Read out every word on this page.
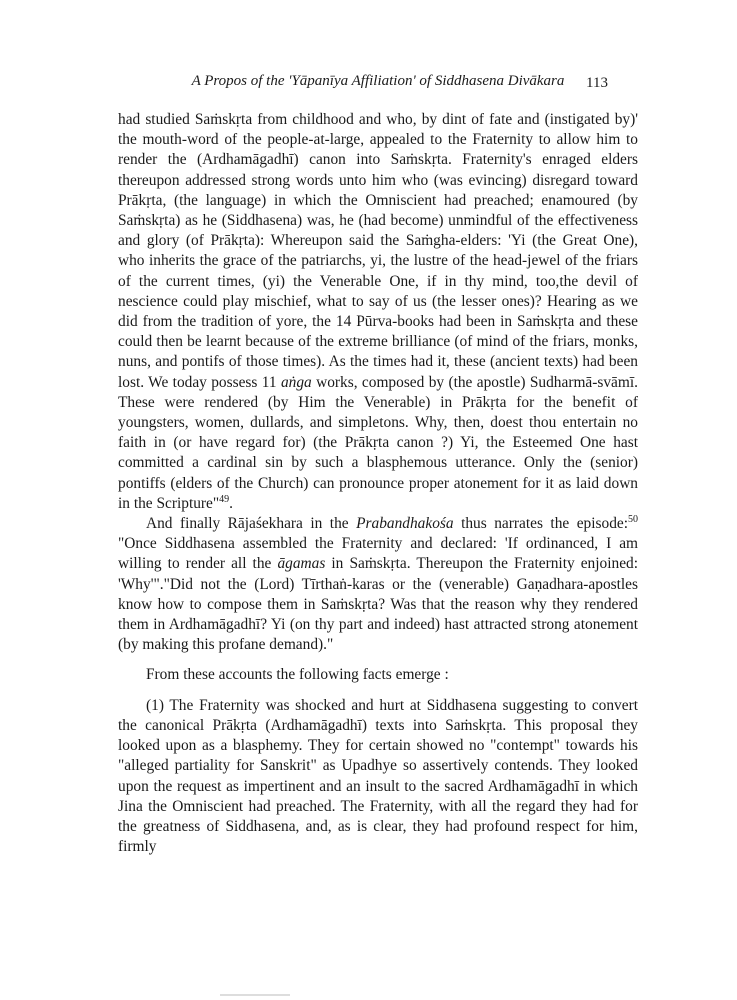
A Propos of the 'Yāpanīya Affiliation' of Siddhasena Divākara	113

had studied Saṁskṛta from childhood and who, by dint of fate and (instigated by)' the mouth-word of the people-at-large, appealed to the Fraternity to allow him to render the (Ardhamāgadhī) canon into Saṁskṛta. Fraternity's enraged elders thereupon addressed strong words unto him who (was evincing) disregard toward Prākṛta, (the language) in which the Omniscient had preached; enamoured (by Saṁskṛta) as he (Siddhasena) was, he (had become) unmindful of the effectiveness and glory (of Prākṛta): Whereupon said the Saṁgha-elders: 'Yi (the Great One), who inherits the grace of the patriarchs, yi, the lustre of the head-jewel of the friars of the current times, (yi) the Venerable One, if in thy mind, too,the devil of nescience could play mischief, what to say of us (the lesser ones)? Hearing as we did from the tradition of yore, the 14 Pūrva-books had been in Saṁskṛta and these could then be learnt because of the extreme brilliance (of mind of the friars, monks, nuns, and pontifs of those times). As the times had it, these (ancient texts) had been lost. We today possess 11 aṅga works, composed by (the apostle) Sudharmā-svāmī. These were rendered (by Him the Venerable) in Prākṛta for the benefit of youngsters, women, dullards, and simpletons. Why, then, doest thou entertain no faith in (or have regard for) (the Prākṛta canon ?) Yi, the Esteemed One hast committed a cardinal sin by such a blasphemous utterance. Only the (senior) pontiffs (elders of the Church) can pronounce proper atonement for it as laid down in the Scripture"$^{49}$.

And finally Rājaśekhara in the Prabandhakośa thus narrates the episode:$^{50}$ "Once Siddhasena assembled the Fraternity and declared: 'If ordinanced, I am willing to render all the āgamas in Saṁskṛta. Thereupon the Fraternity enjoined: 'Why'"."Did not the (Lord) Tīrthaṅ-karas or the (venerable) Gaṇadhara-apostles know how to compose them in Saṁskṛta? Was that the reason why they rendered them in Ardhamāgadhī? Yi (on thy part and indeed) hast attracted strong atonement (by making this profane demand)."

From these accounts the following facts emerge :

(1) The Fraternity was shocked and hurt at Siddhasena suggesting to convert the canonical Prākṛta (Ardhamāgadhī) texts into Saṁskṛta. This proposal they looked upon as a blasphemy. They for certain showed no "contempt" towards his "alleged partiality for Sanskrit" as Upadhye so assertively contends. They looked upon the request as impertinent and an insult to the sacred Ardhamāgadhī in which Jina the Omniscient had preached. The Fraternity, with all the regard they had for the greatness of Siddhasena, and, as is clear, they had profound respect for him, firmly
